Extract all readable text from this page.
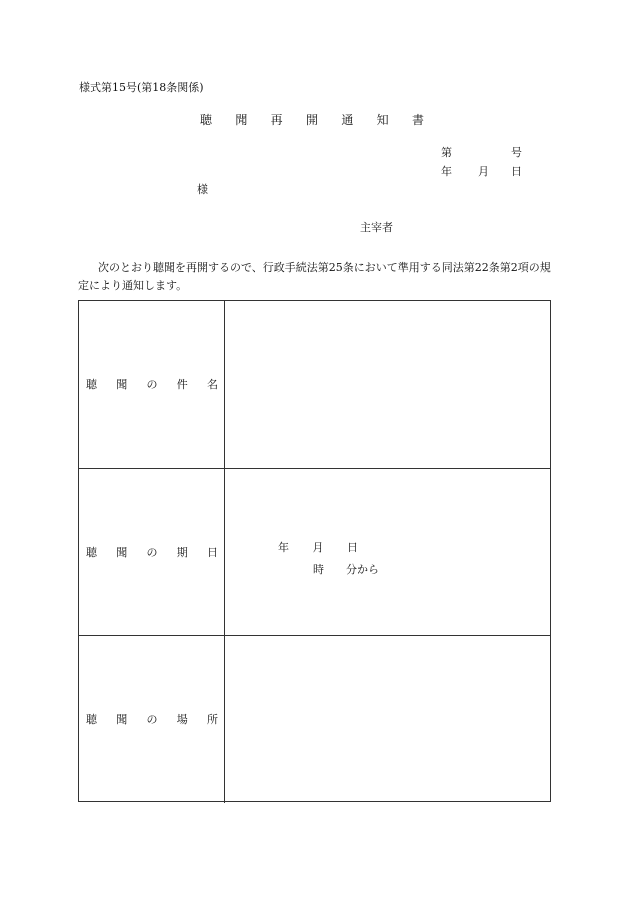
様式第15号(第18条関係)
聴 聞 再 開 通 知 書
第	号
年 月 日
様
主宰者
次のとおり聴聞を再開するので、行政手続法第25条において準用する同法第22条第2項の規定により通知します。
聴 聞 の 件 名
聴 聞 の 期 日	年 月 日
時 分から
聴 聞 の 場 所
